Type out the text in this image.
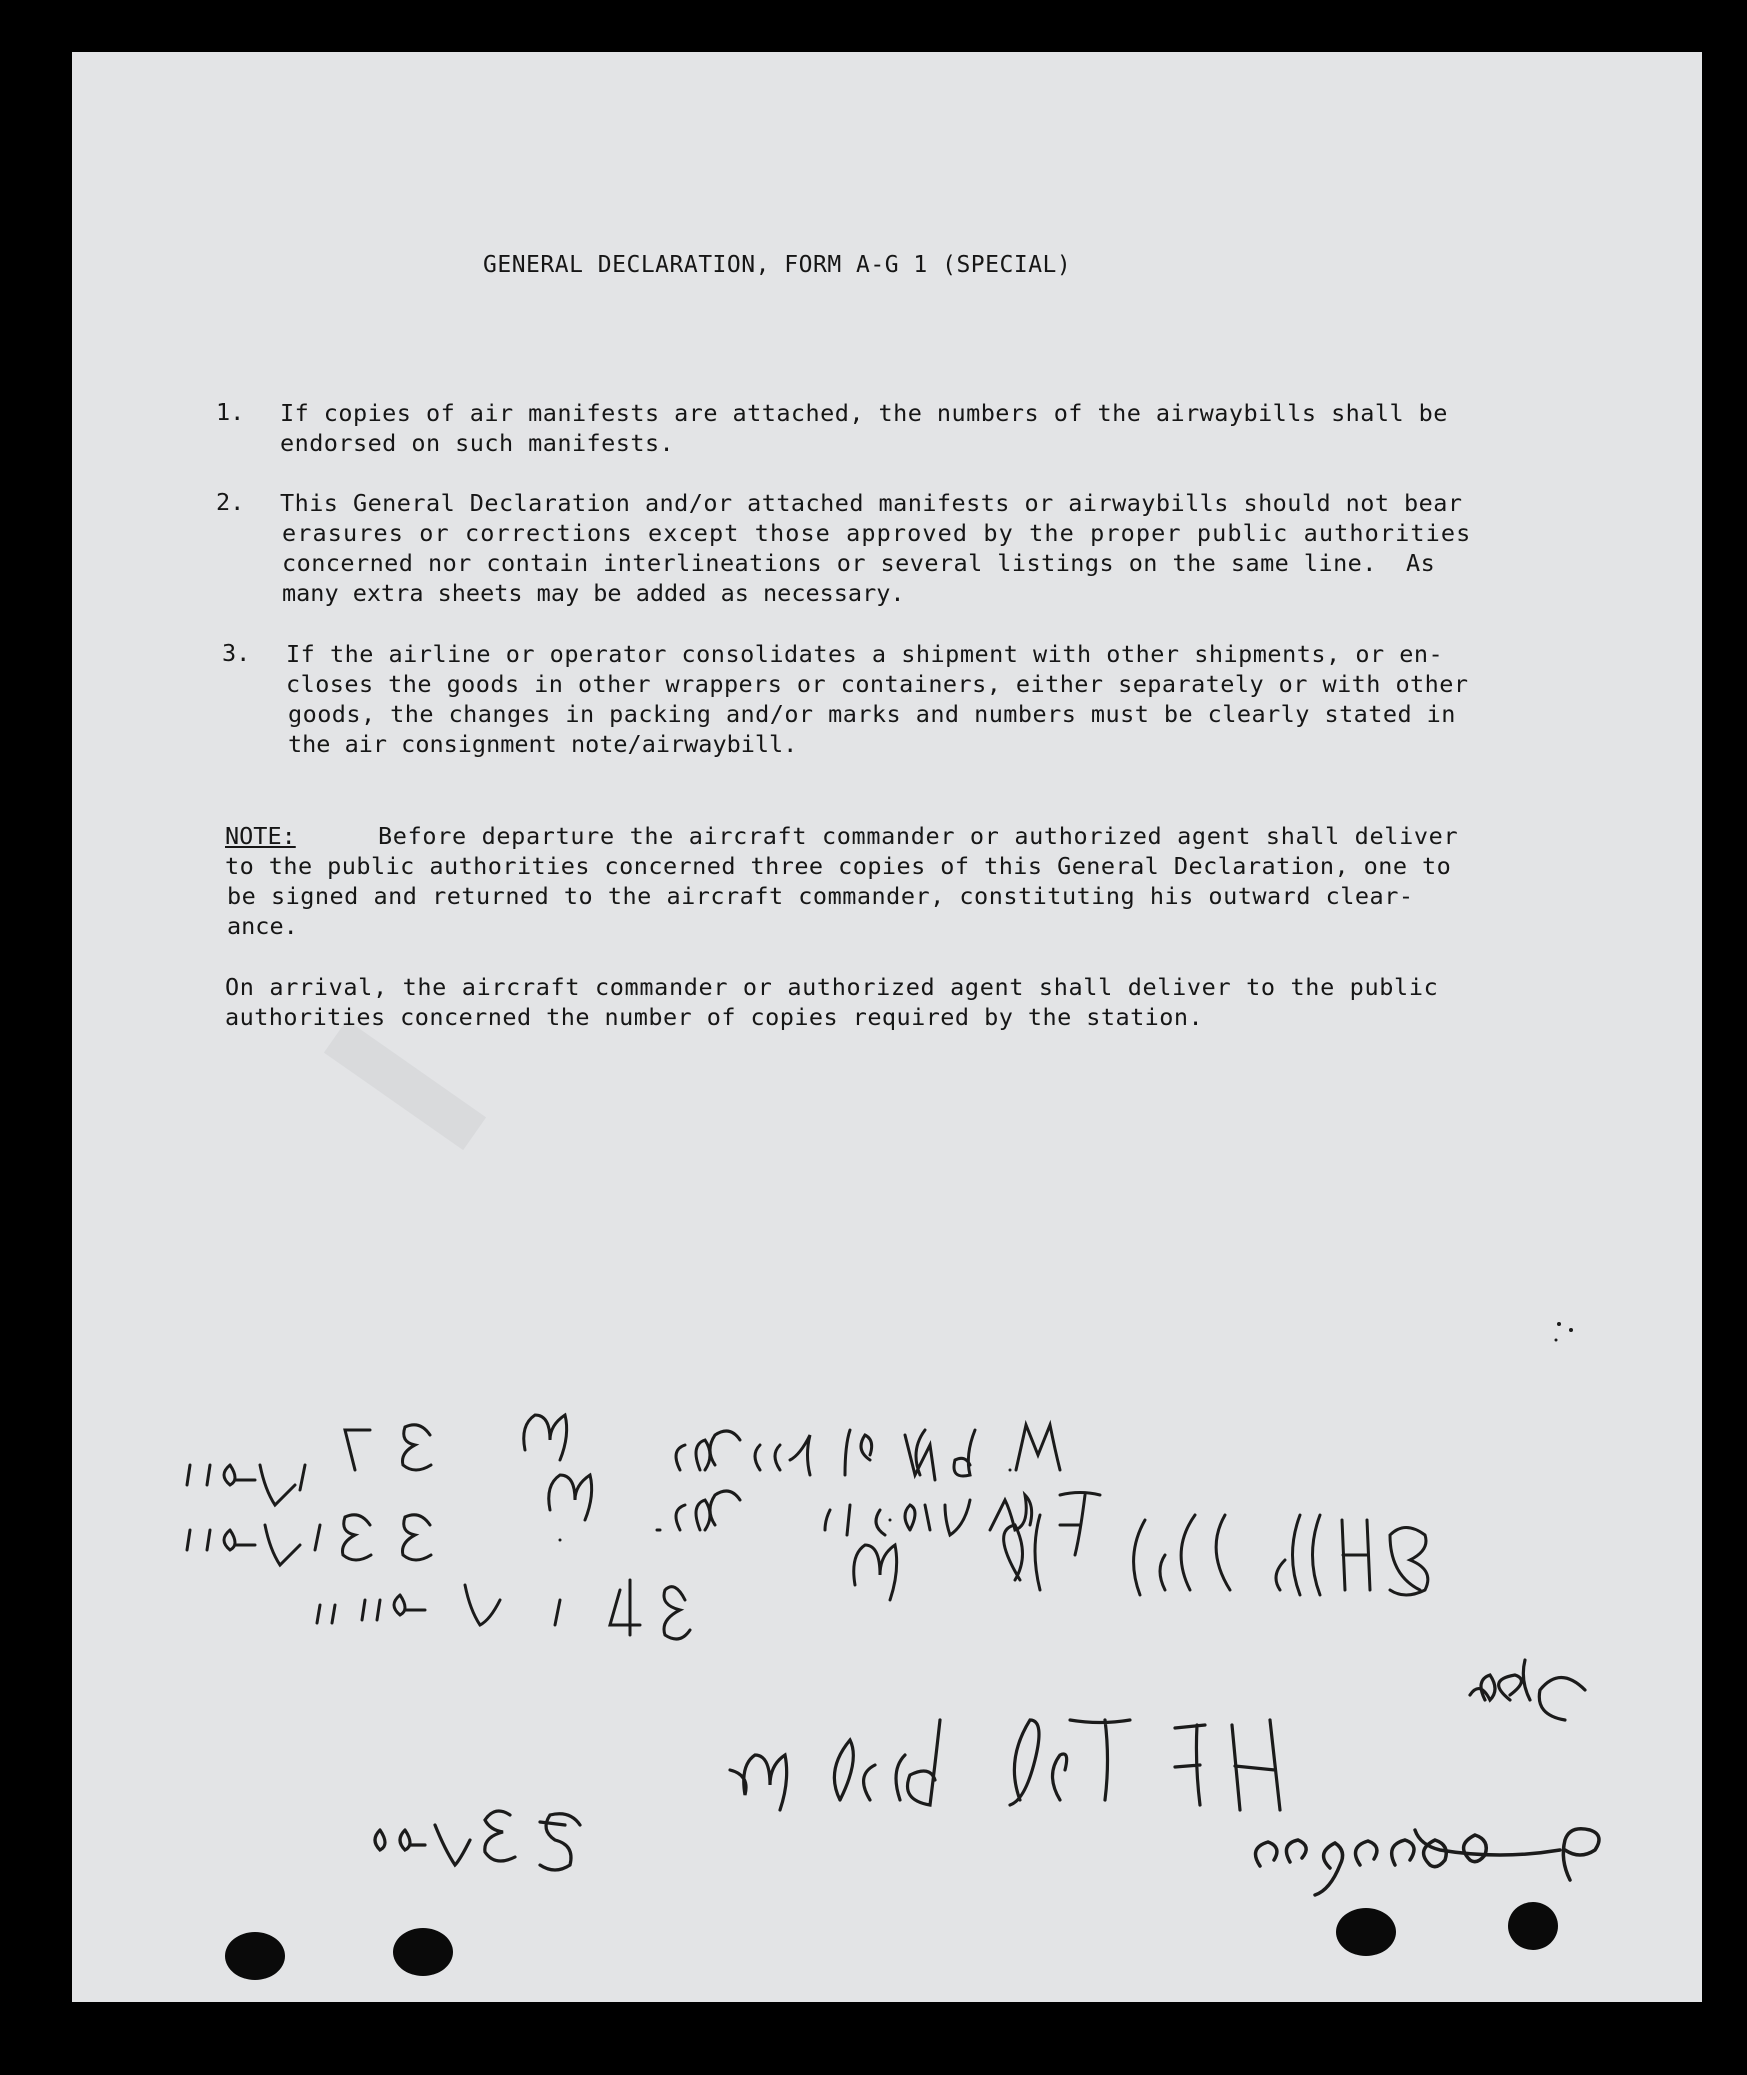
GENERAL DECLARATION, FORM A-G 1 (SPECIAL)
1. If copies of air manifests are attached, the numbers of the airwaybills shall be
endorsed on such manifests.
2. This General Declaration and/or attached manifests or airwaybills should not bear
erasures or corrections except those approved by the proper public authorities
concerned nor contain interlineations or several listings on the same line.  As
many extra sheets may be added as necessary.
3. If the airline or operator consolidates a shipment with other shipments, or en-
closes the goods in other wrappers or containers, either separately or with other
goods, the changes in packing and/or marks and numbers must be clearly stated in
the air consignment note/airwaybill.
NOTE:	Before departure the aircraft commander or authorized agent shall deliver
to the public authorities concerned three copies of this General Declaration, one to
be signed and returned to the aircraft commander, constituting his outward clear-
ance.
On arrival, the aircraft commander or authorized agent shall deliver to the public
authorities concerned the number of copies required by the station.
